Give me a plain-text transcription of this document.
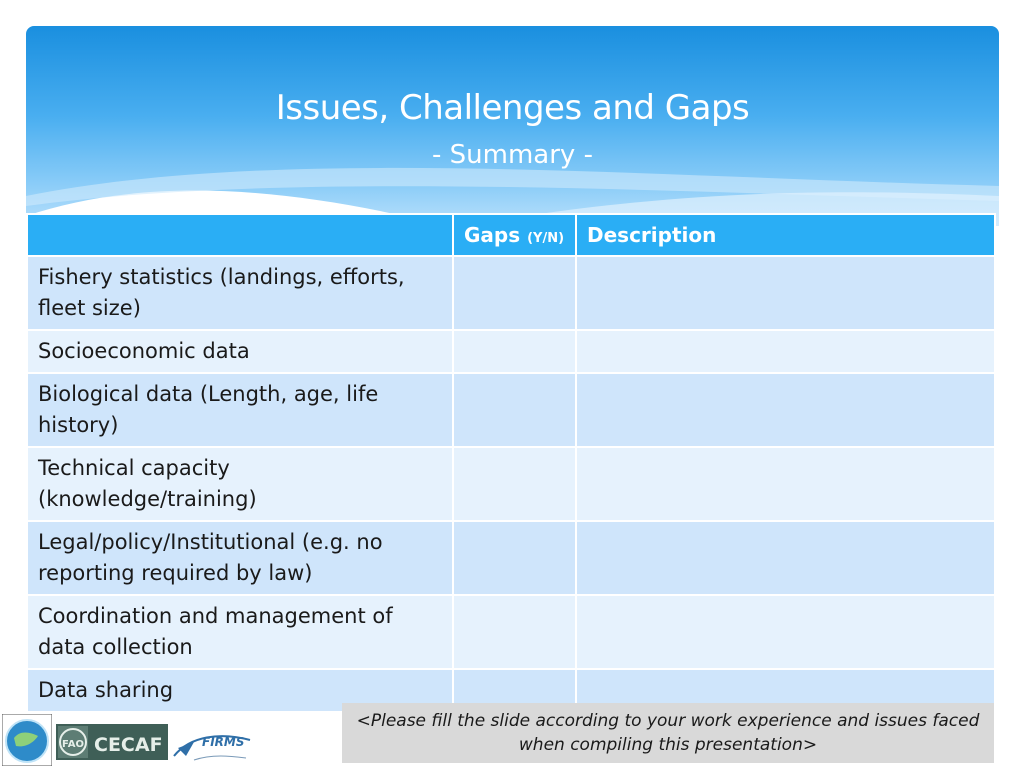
Issues, Challenges and Gaps
- Summary -
	Gaps (Y/N)	Description
Fishery statistics (landings, efforts, fleet size)		
Socioeconomic data		
Biological data (Length, age, life history)		
Technical capacity (knowledge/training)		
Legal/policy/Institutional (e.g. no reporting required by law)		
Coordination and management of data collection		
Data sharing		
<Please fill the slide according to your work experience and issues faced when compiling this presentation>
FAO CECAF	FIRMS
